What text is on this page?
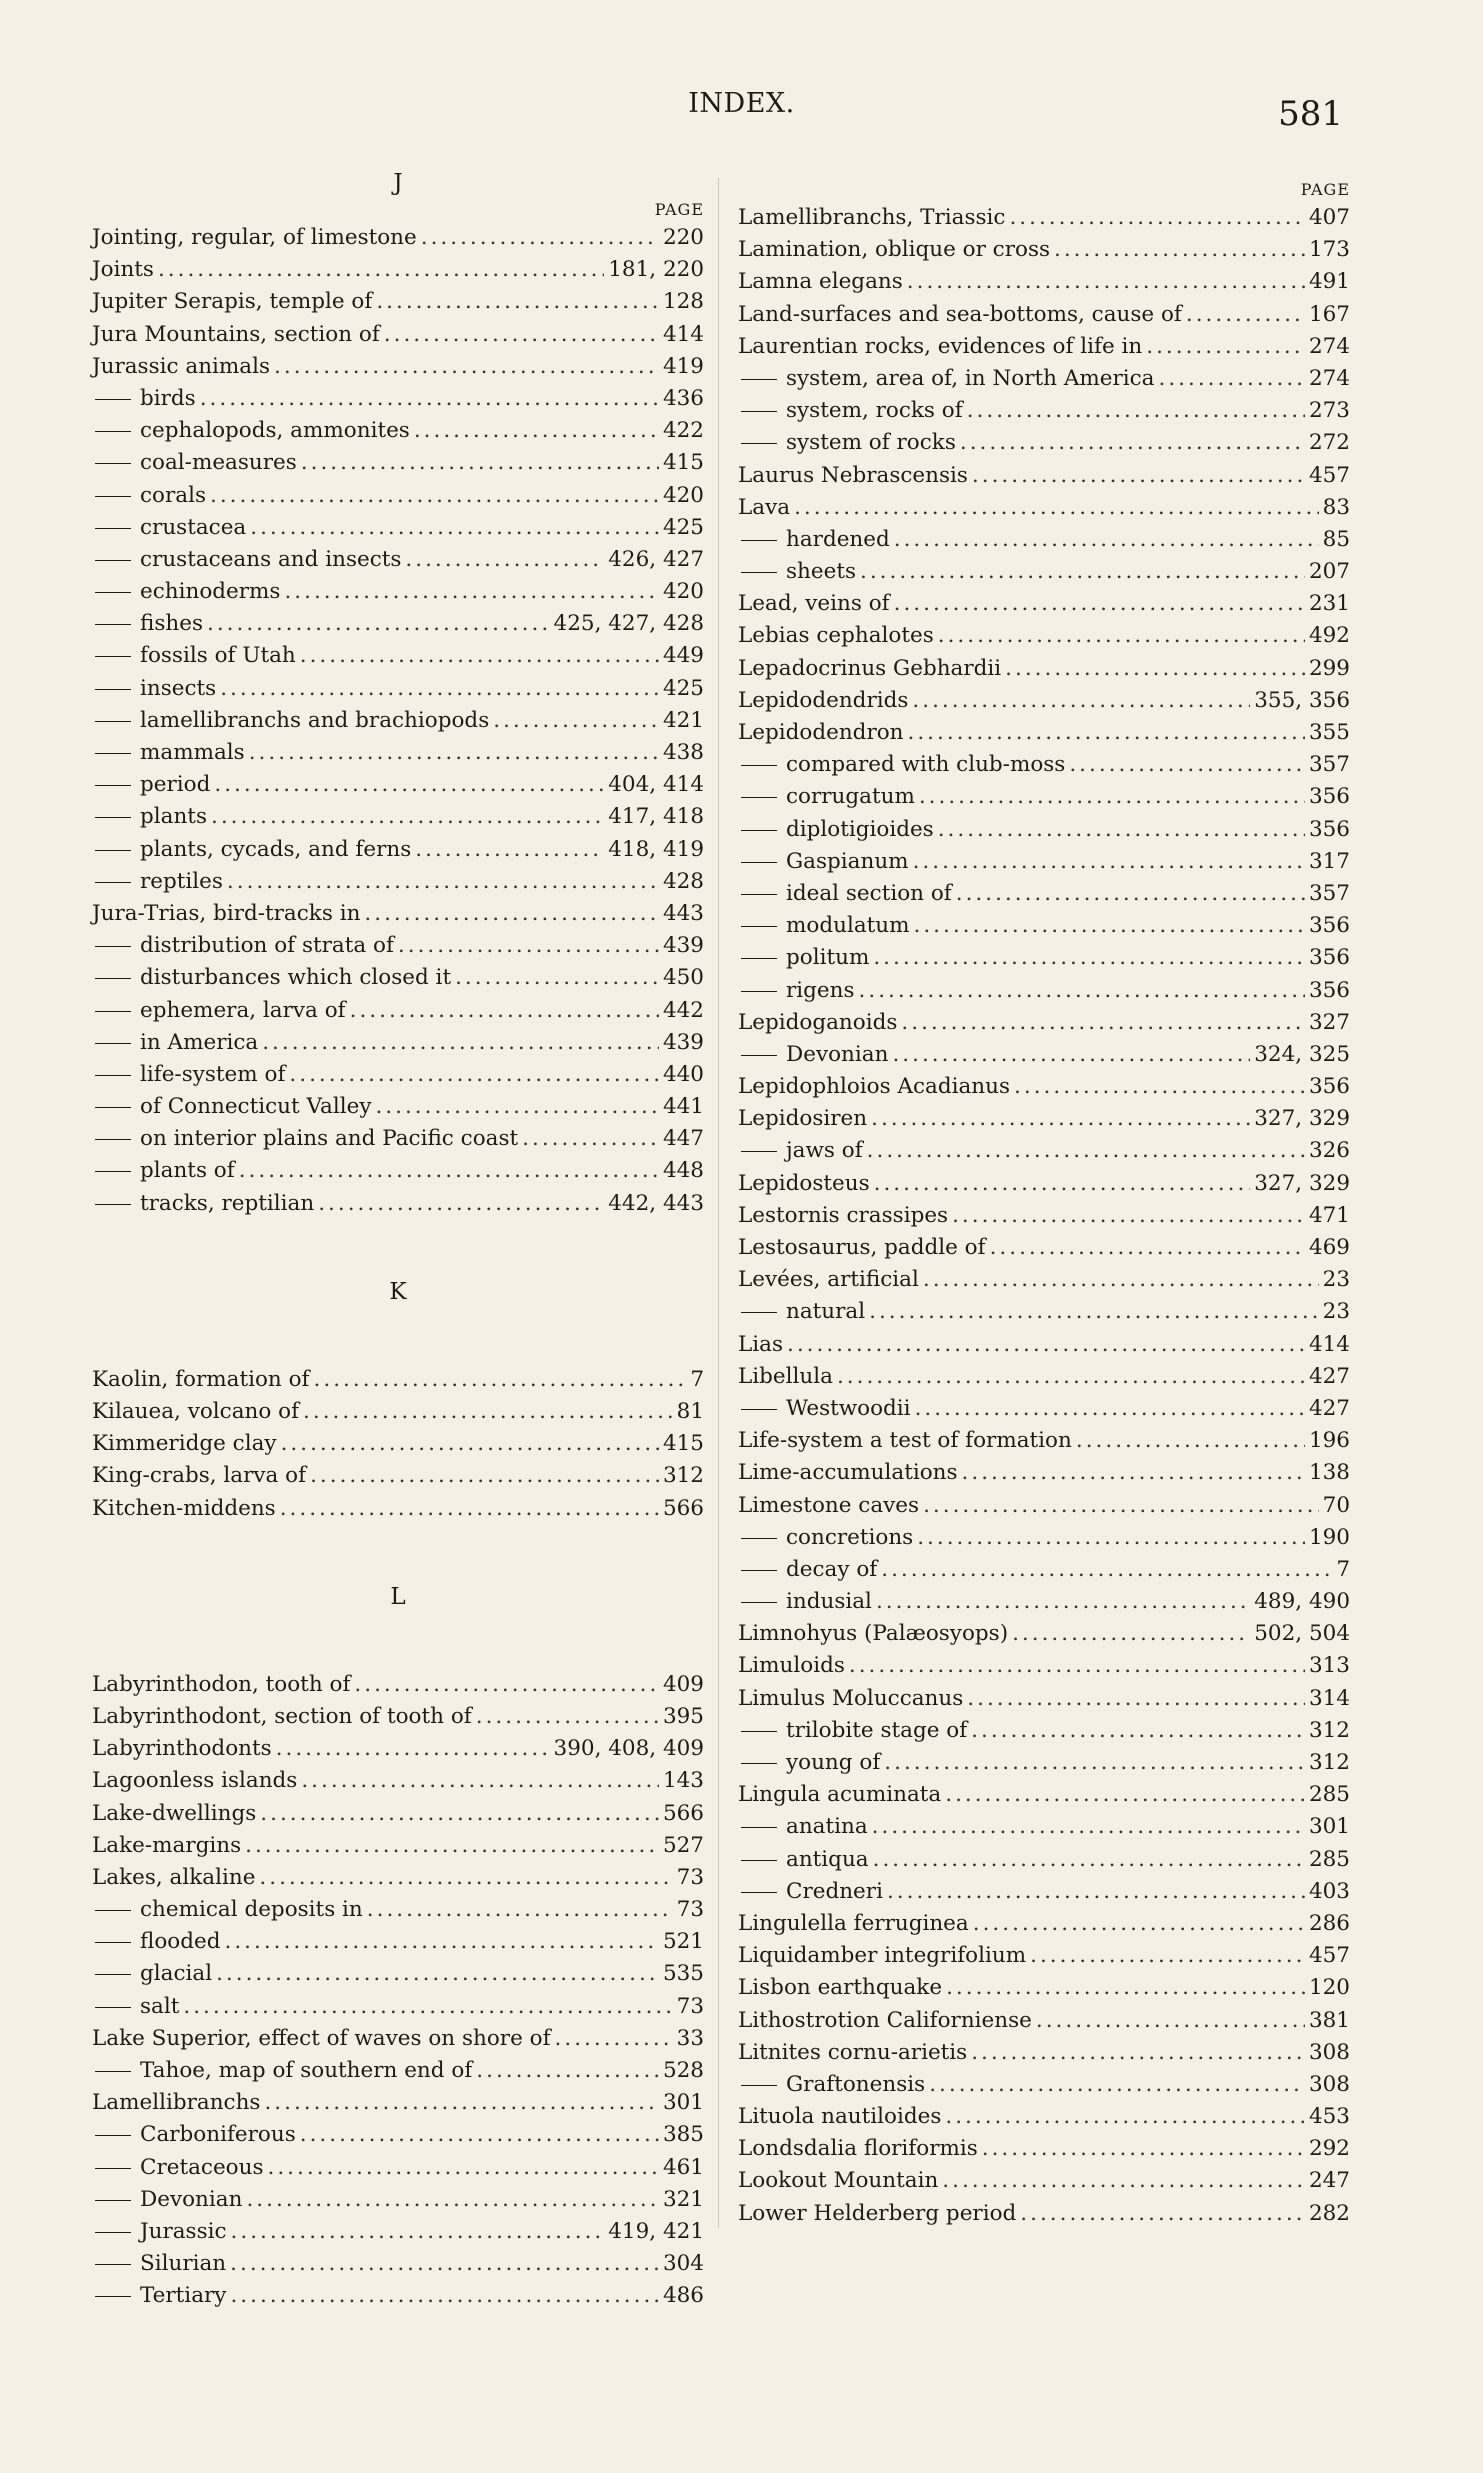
INDEX.	581
J
PAGE
Jointing, regular, of limestone .....	220
Joints .....	181, 220
Jupiter Serapis, temple of .....	128
Jura Mountains, section of .....	414
Jurassic animals .....	419
birds .....	436
cephalopods, ammonites .....	422
coal-measures .....	415
corals .....	420
crustacea .....	425
crustaceans and insects .....	426, 427
echinoderms .....	420
fishes .....	425, 427, 428
fossils of Utah .....	449
insects .....	425
lamellibranchs and brachiopods .....	421
mammals .....	438
period .....	404, 414
plants .....	417, 418
plants, cycads, and ferns .....	418, 419
reptiles .....	428
Jura-Trias, bird-tracks in .....	443
distribution of strata of .....	439
disturbances which closed it .....	450
ephemera, larva of .....	442
in America .....	439
life-system of .....	440
of Connecticut Valley .....	441
on interior plains and Pacific coast .....	447
plants of .....	448
tracks, reptilian .....	442, 443
K
Kaolin, formation of .....	7
Kilauea, volcano of .....	81
Kimmeridge clay .....	415
King-crabs, larva of .....	312
Kitchen-middens .....	566
L
Labyrinthodon, tooth of .....	409
Labyrinthodont, section of tooth of .....	395
Labyrinthodonts .....	390, 408, 409
Lagoonless islands .....	143
Lake-dwellings .....	566
Lake-margins .....	527
Lakes, alkaline .....	73
chemical deposits in .....	73
flooded .....	521
glacial .....	535
salt .....	73
Lake Superior, effect of waves on shore of .....	33
Tahoe, map of southern end of .....	528
Lamellibranchs .....	301
Carboniferous .....	385
Cretaceous .....	461
Devonian .....	321
Jurassic .....	419, 421
Silurian .....	304
Tertiary .....	486
PAGE
Lamellibranchs, Triassic .....	407
Lamination, oblique or cross .....	173
Lamna elegans .....	491
Land-surfaces and sea-bottoms, cause of .....	167
Laurentian rocks, evidences of life in .....	274
system, area of, in North America .....	274
system, rocks of .....	273
system of rocks .....	272
Laurus Nebrascensis .....	457
Lava .....	83
hardened .....	85
sheets .....	207
Lead, veins of .....	231
Lebias cephalotes .....	492
Lepadocrinus Gebhardii .....	299
Lepidodendrids .....	355, 356
Lepidodendron .....	355
compared with club-moss .....	357
corrugatum .....	356
diplotigioides .....	356
Gaspianum .....	317
ideal section of .....	357
modulatum .....	356
politum .....	356
rigens .....	356
Lepidoganoids .....	327
Devonian .....	324, 325
Lepidophloios Acadianus .....	356
Lepidosiren .....	327, 329
jaws of .....	326
Lepidosteus .....	327, 329
Lestornis crassipes .....	471
Lestosaurus, paddle of .....	469
Levées, artificial .....	23
natural .....	23
Lias .....	414
Libellula .....	427
Westwoodii .....	427
Life-system a test of formation .....	196
Lime-accumulations .....	138
Limestone caves .....	70
concretions .....	190
decay of .....	7
indusial .....	489, 490
Limnohyus (Palæosyops) .....	502, 504
Limuloids .....	313
Limulus Moluccanus .....	314
trilobite stage of .....	312
young of .....	312
Lingula acuminata .....	285
anatina .....	301
antiqua .....	285
Credneri .....	403
Lingulella ferruginea .....	286
Liquidamber integrifolium .....	457
Lisbon earthquake .....	120
Lithostrotion Californiense .....	381
Litnites cornu-arietis .....	308
Graftonensis .....	308
Lituola nautiloides .....	453
Londsdalia floriformis .....	292
Lookout Mountain .....	247
Lower Helderberg period .....	282
